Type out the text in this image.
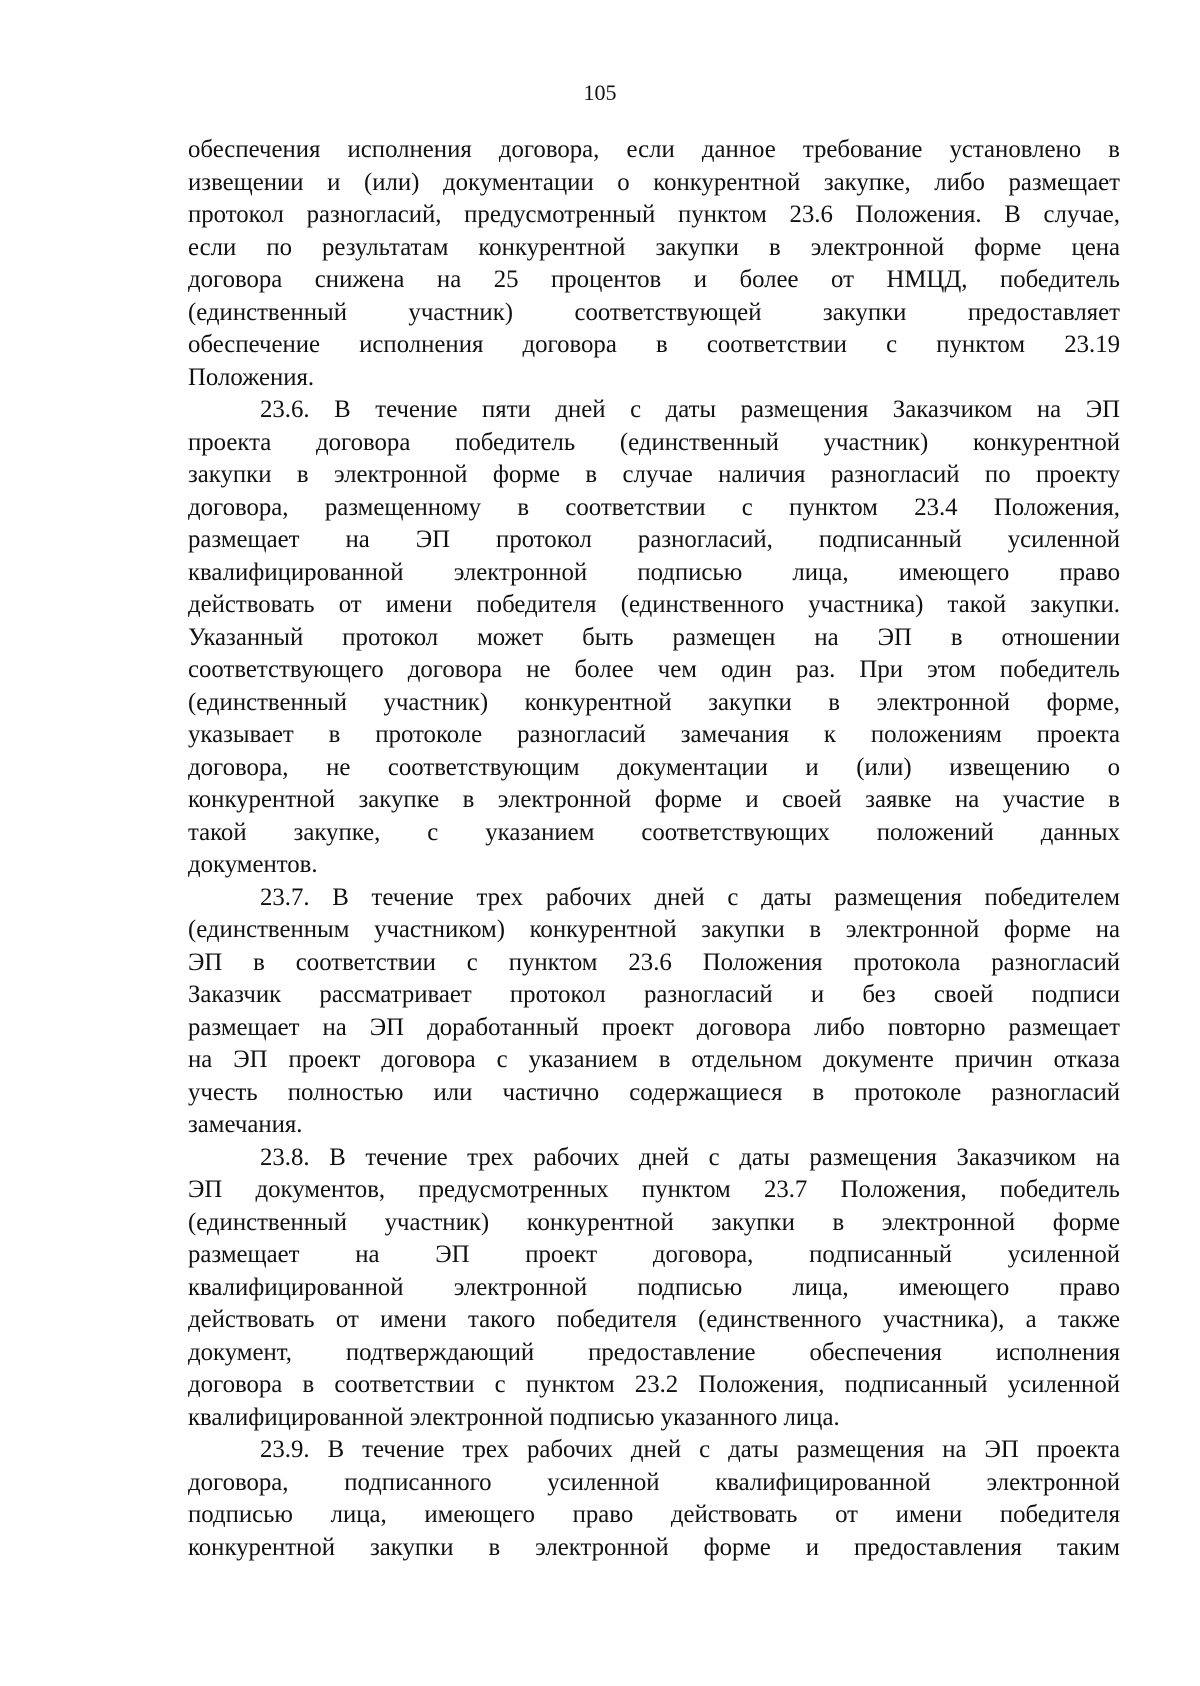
105
обеспечения исполнения договора, если данное требование установлено в
извещении и (или) документации о конкурентной закупке, либо размещает
протокол разногласий, предусмотренный пунктом 23.6 Положения. В случае,
если по результатам конкурентной закупки в электронной форме цена
договора снижена на 25 процентов и более от НМЦД, победитель
(единственный участник) соответствующей закупки предоставляет
обеспечение исполнения договора в соответствии с пунктом 23.19
Положения.
23.6. В течение пяти дней с даты размещения Заказчиком на ЭП
проекта договора победитель (единственный участник) конкурентной
закупки в электронной форме в случае наличия разногласий по проекту
договора, размещенному в соответствии с пунктом 23.4 Положения,
размещает на ЭП протокол разногласий, подписанный усиленной
квалифицированной электронной подписью лица, имеющего право
действовать от имени победителя (единственного участника) такой закупки.
Указанный протокол может быть размещен на ЭП в отношении
соответствующего договора не более чем один раз. При этом победитель
(единственный участник) конкурентной закупки в электронной форме,
указывает в протоколе разногласий замечания к положениям проекта
договора, не соответствующим документации и (или) извещению о
конкурентной закупке в электронной форме и своей заявке на участие в
такой закупке, с указанием соответствующих положений данных
документов.
23.7. В течение трех рабочих дней с даты размещения победителем
(единственным участником) конкурентной закупки в электронной форме на
ЭП в соответствии с пунктом 23.6 Положения протокола разногласий
Заказчик рассматривает протокол разногласий и без своей подписи
размещает на ЭП доработанный проект договора либо повторно размещает
на ЭП проект договора с указанием в отдельном документе причин отказа
учесть полностью или частично содержащиеся в протоколе разногласий
замечания.
23.8. В течение трех рабочих дней с даты размещения Заказчиком на
ЭП документов, предусмотренных пунктом 23.7 Положения, победитель
(единственный участник) конкурентной закупки в электронной форме
размещает на ЭП проект договора, подписанный усиленной
квалифицированной электронной подписью лица, имеющего право
действовать от имени такого победителя (единственного участника), а также
документ, подтверждающий предоставление обеспечения исполнения
договора в соответствии с пунктом 23.2 Положения, подписанный усиленной
квалифицированной электронной подписью указанного лица.
23.9. В течение трех рабочих дней с даты размещения на ЭП проекта
договора, подписанного усиленной квалифицированной электронной
подписью лица, имеющего право действовать от имени победителя
конкурентной закупки в электронной форме и предоставления таким
